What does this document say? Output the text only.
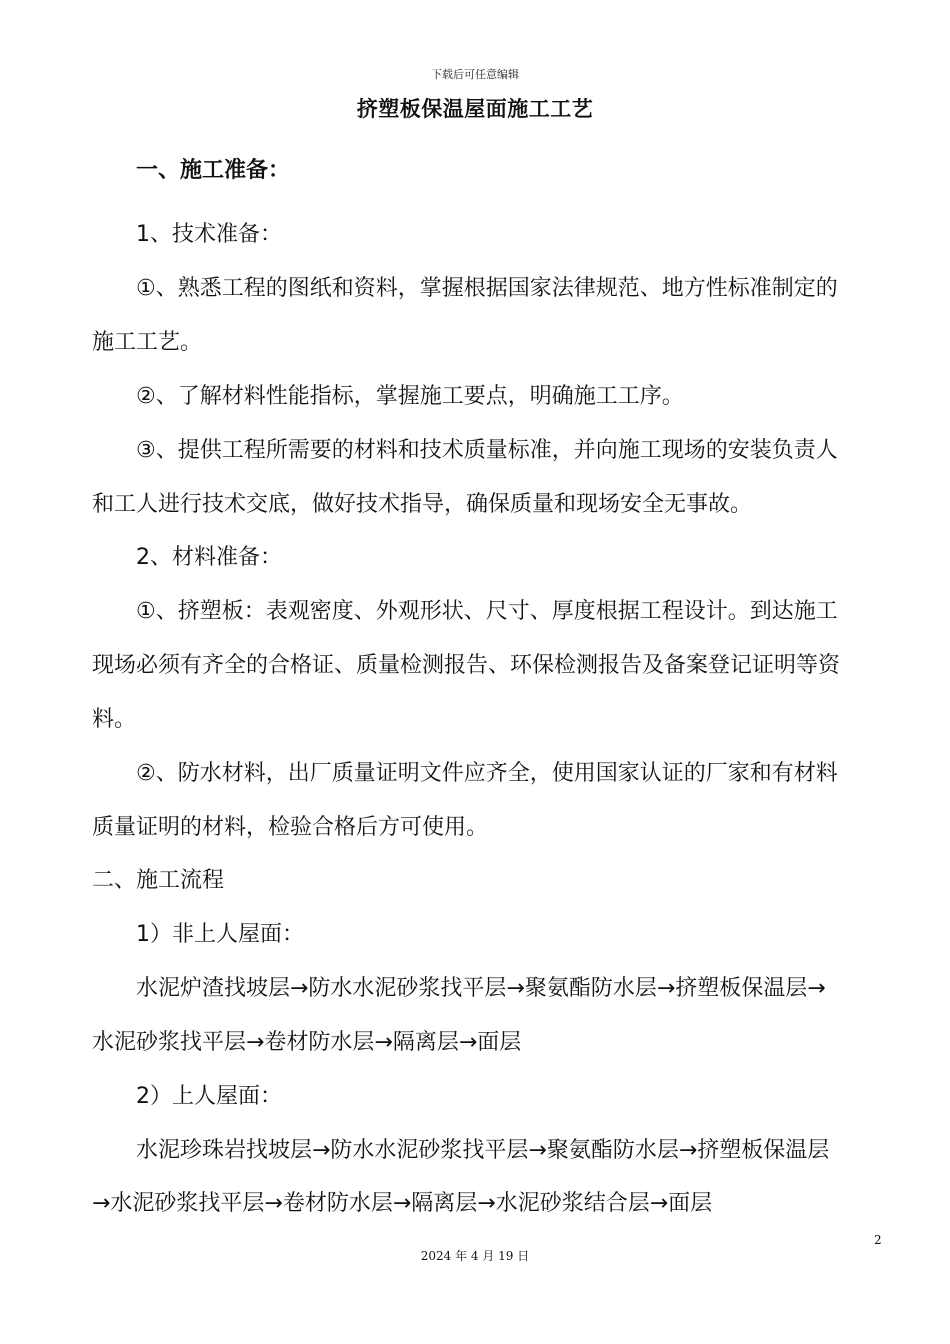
下载后可任意编辑
挤塑板保温屋面施工工艺
一、施工准备：
1、技术准备：
①、熟悉工程的图纸和资料，掌握根据国家法律规范、地方性标准制定的
施工工艺。
②、了解材料性能指标，掌握施工要点，明确施工工序。
③、提供工程所需要的材料和技术质量标准，并向施工现场的安装负责人
和工人进行技术交底，做好技术指导，确保质量和现场安全无事故。
2、材料准备：
①、挤塑板：表观密度、外观形状、尺寸、厚度根据工程设计。到达施工
现场必须有齐全的合格证、质量检测报告、环保检测报告及备案登记证明等资
料。
②、防水材料，出厂质量证明文件应齐全，使用国家认证的厂家和有材料
质量证明的材料，检验合格后方可使用。
二、施工流程
1）非上人屋面：
水泥炉渣找坡层→防水水泥砂浆找平层→聚氨酯防水层→挤塑板保温层→
水泥砂浆找平层→卷材防水层→隔离层→面层
2）上人屋面：
水泥珍珠岩找坡层→防水水泥砂浆找平层→聚氨酯防水层→挤塑板保温层
→水泥砂浆找平层→卷材防水层→隔离层→水泥砂浆结合层→面层
2
2024 年 4 月 19 日
